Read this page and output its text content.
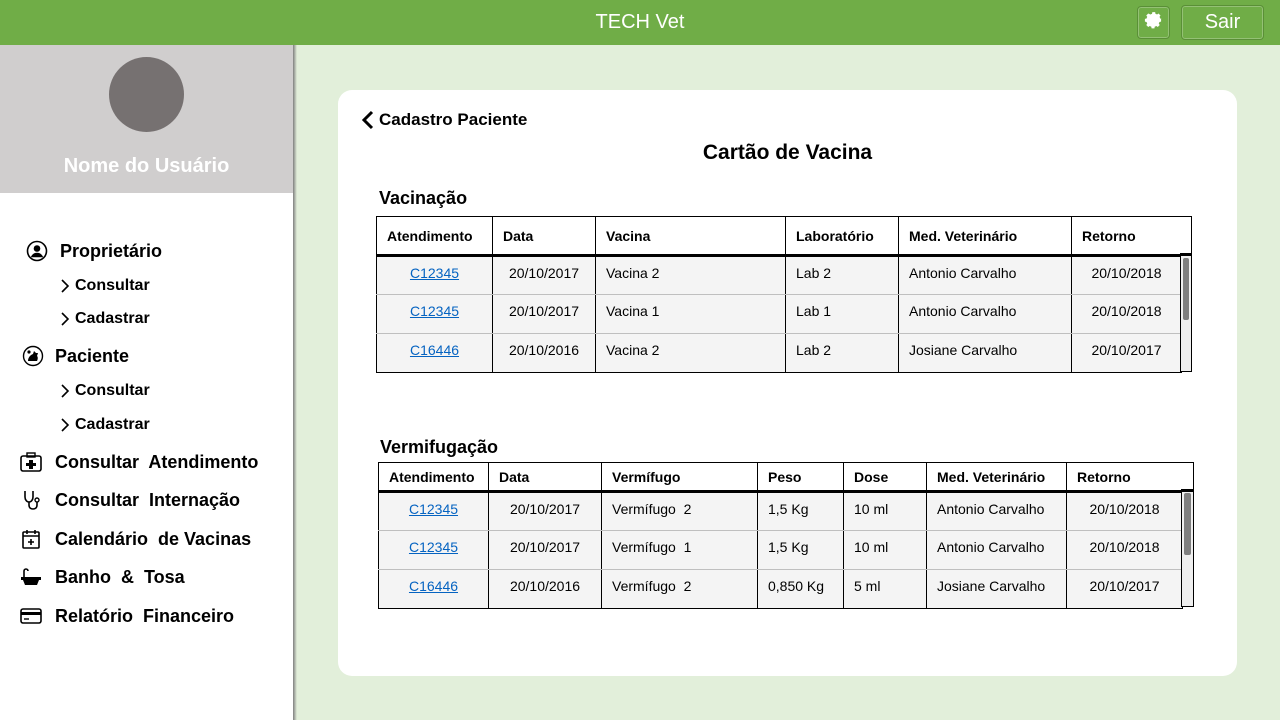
TECH Vet	Sair
Nome do Usuário
Proprietário
Consultar
Cadastrar
Paciente
Consultar
Cadastrar
Consultar  Atendimento
Consultar  Internação
Calendário  de Vacinas
Banho  &  Tosa
Relatório  Financeiro
Cadastro Paciente
Cartão de Vacina
Vacinação
Atendimento	Data	Vacina	Laboratório	Med. Veterinário	Retorno
C12345	20/10/2017	Vacina 2	Lab 2	Antonio Carvalho	20/10/2018
C12345	20/10/2017	Vacina 1	Lab 1	Antonio Carvalho	20/10/2018
C16446	20/10/2016	Vacina 2	Lab 2	Josiane Carvalho	20/10/2017
Vermifugação
Atendimento	Data	Vermífugo	Peso	Dose	Med. Veterinário	Retorno
C12345	20/10/2017	Vermífugo  2	1,5 Kg	10 ml	Antonio Carvalho	20/10/2018
C12345	20/10/2017	Vermífugo  1	1,5 Kg	10 ml	Antonio Carvalho	20/10/2018
C16446	20/10/2016	Vermífugo  2	0,850 Kg	5 ml	Josiane Carvalho	20/10/2017
